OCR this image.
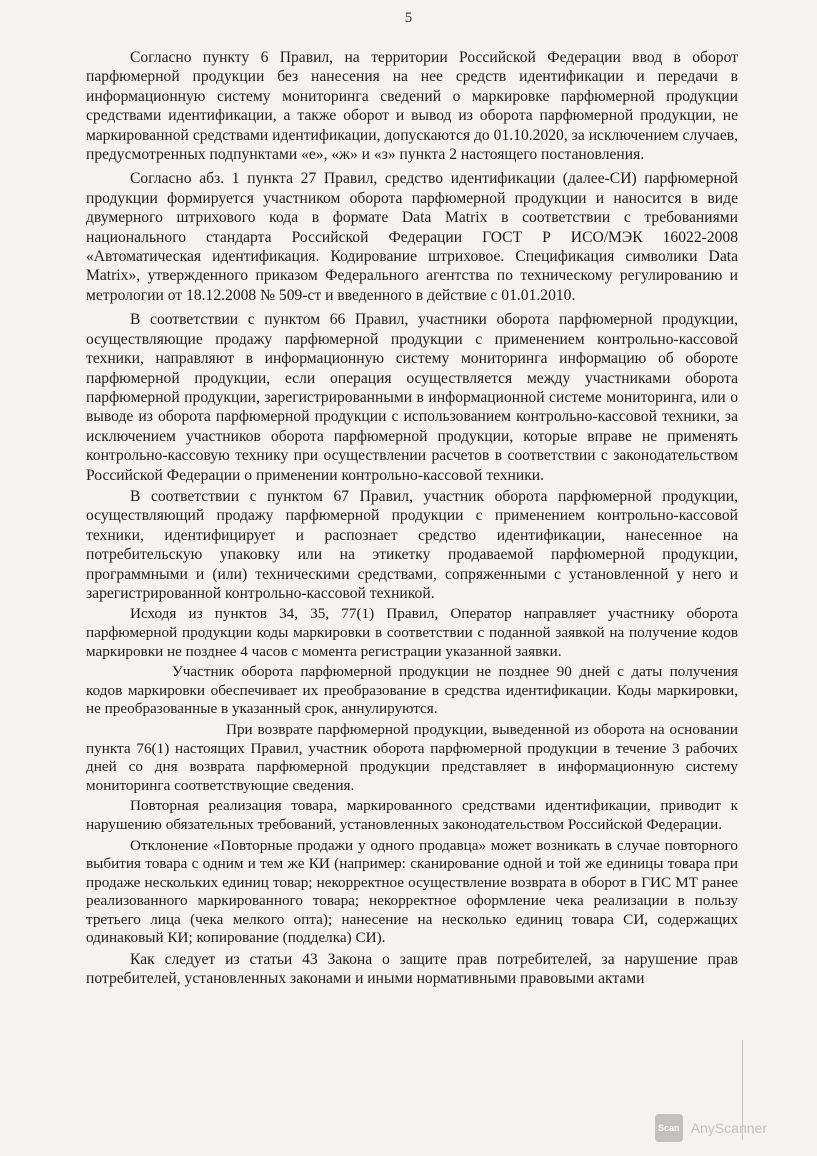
5

Согласно пункту 6 Правил, на территории Российской Федерации ввод в оборот парфюмерной продукции без нанесения на нее средств идентификации и передачи в информационную систему мониторинга сведений о маркировке парфюмерной продукции средствами идентификации, а также оборот и вывод из оборота парфюмерной продукции, не маркированной средствами идентификации, допускаются до 01.10.2020, за исключением случаев, предусмотренных подпунктами «е», «ж» и «з» пункта 2 настоящего постановления.

Согласно абз. 1 пункта 27 Правил, средство идентификации (далее-СИ) парфюмерной продукции формируется участником оборота парфюмерной продукции и наносится в виде двумерного штрихового кода в формате Data Matrix в соответствии с требованиями национального стандарта Российской Федерации ГОСТ Р ИСО/МЭК 16022-2008 «Автоматическая идентификация. Кодирование штриховое. Спецификация символики Data Matrix», утвержденного приказом Федерального агентства по техническому регулированию и метрологии от 18.12.2008 № 509-ст и введенного в действие с 01.01.2010.

В соответствии с пунктом 66 Правил, участники оборота парфюмерной продукции, осуществляющие продажу парфюмерной продукции с применением контрольно-кассовой техники, направляют в информационную систему мониторинга информацию об обороте парфюмерной продукции, если операция осуществляется между участниками оборота парфюмерной продукции, зарегистрированными в информационной системе мониторинга, или о выводе из оборота парфюмерной продукции с использованием контрольно-кассовой техники, за исключением участников оборота парфюмерной продукции, которые вправе не применять контрольно-кассовую технику при осуществлении расчетов в соответствии с законодательством Российской Федерации о применении контрольно-кассовой техники.

В соответствии с пунктом 67 Правил, участник оборота парфюмерной продукции, осуществляющий продажу парфюмерной продукции с применением контрольно-кассовой техники, идентифицирует и распознает средство идентификации, нанесенное на потребительскую упаковку или на этикетку продаваемой парфюмерной продукции, программными и (или) техническими средствами, сопряженными с установленной у него и зарегистрированной контрольно-кассовой техникой.

Исходя из пунктов 34, 35, 77(1) Правил, Оператор направляет участнику оборота парфюмерной продукции коды маркировки в соответствии с поданной заявкой на получение кодов маркировки не позднее 4 часов с момента регистрации указанной заявки.

Участник оборота парфюмерной продукции не позднее 90 дней с даты получения кодов маркировки обеспечивает их преобразование в средства идентификации. Коды маркировки, не преобразованные в указанный срок, аннулируются.

При возврате парфюмерной продукции, выведенной из оборота на основании пункта 76(1) настоящих Правил, участник оборота парфюмерной продукции в течение 3 рабочих дней со дня возврата парфюмерной продукции представляет в информационную систему мониторинга соответствующие сведения.

Повторная реализация товара, маркированного средствами идентификации, приводит к нарушению обязательных требований, установленных законодательством Российской Федерации.

Отклонение «Повторные продажи у одного продавца» может возникать в случае повторного выбития товара с одним и тем же КИ (например: сканирование одной и той же единицы товара при продаже нескольких единиц товар; некорректное осуществление возврата в оборот в ГИС МТ ранее реализованного маркированного товара; некорректное оформление чека реализации в пользу третьего лица (чека мелкого опта); нанесение на несколько единиц товара СИ, содержащих одинаковый КИ; копирование (подделка) СИ).

Как следует из статьи 43 Закона о защите прав потребителей, за нарушение прав потребителей, установленных законами и иными нормативными правовыми актами

Scan AnyScanner
